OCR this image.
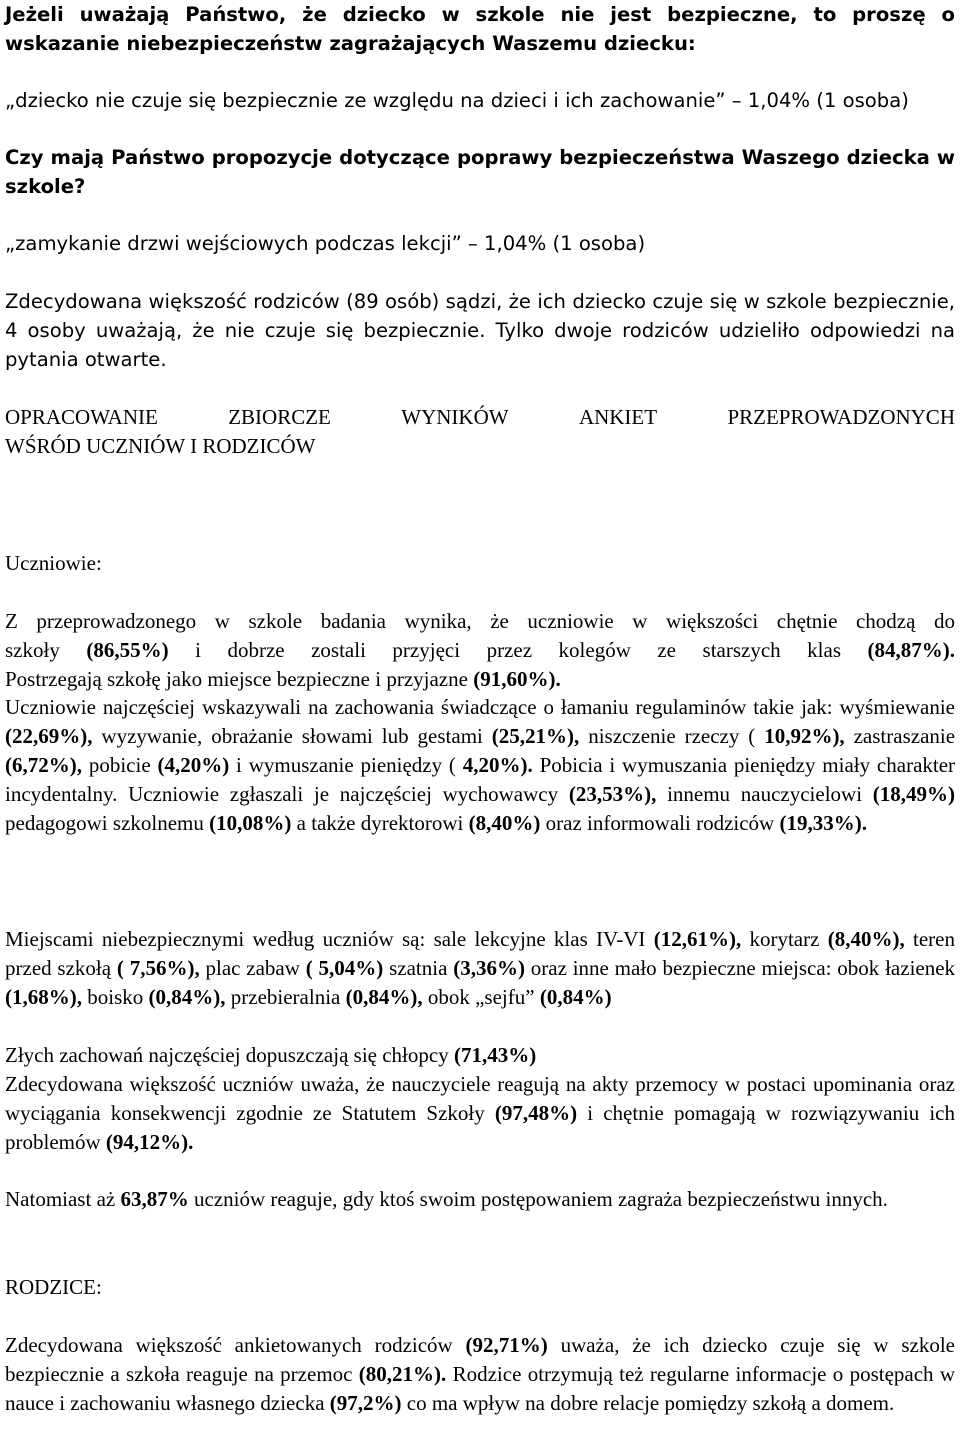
Jeżeli uważają Państwo, że dziecko w szkole nie jest bezpieczne, to proszę o wskazanie niebezpieczeństw zagrażających Waszemu dziecku:

„dziecko nie czuje się bezpiecznie ze względu na dzieci i ich zachowanie” – 1,04% (1 osoba)

Czy mają Państwo propozycje dotyczące poprawy bezpieczeństwa Waszego dziecka w szkole?

„zamykanie drzwi wejściowych podczas lekcji” – 1,04% (1 osoba)

Zdecydowana większość rodziców (89 osób) sądzi, że ich dziecko czuje się w szkole bezpiecznie, 4 osoby uważają, że nie czuje się bezpiecznie. Tylko dwoje rodziców udzieliło odpowiedzi na pytania otwarte.

OPRACOWANIE	ZBIORCZE	WYNIKÓW	ANKIET	PRZEPROWADZONYCH
WŚRÓD UCZNIÓW I RODZICÓW

Uczniowie:

Z przeprowadzonego w szkole badania wynika, że uczniowie w większości chętnie chodzą do
szkoły (86,55%) i dobrze zostali przyjęci przez kolegów ze starszych klas (84,87%).
Postrzegają szkołę jako miejsce bezpieczne i przyjazne (91,60%).

Uczniowie najczęściej wskazywali na zachowania świadczące o łamaniu regulaminów takie jak: wyśmiewanie (22,69%), wyzywanie, obrażanie słowami lub gestami (25,21%), niszczenie rzeczy ( 10,92%), zastraszanie (6,72%), pobicie (4,20%) i wymuszanie pieniędzy ( 4,20%). Pobicia i wymuszania pieniędzy miały charakter incydentalny. Uczniowie zgłaszali je najczęściej wychowawcy (23,53%), innemu nauczycielowi (18,49%) pedagogowi szkolnemu (10,08%) a także dyrektorowi (8,40%) oraz informowali rodziców (19,33%).

Miejscami niebezpiecznymi według uczniów są: sale lekcyjne klas IV-VI (12,61%), korytarz (8,40%), teren przed szkołą ( 7,56%), plac zabaw ( 5,04%) szatnia (3,36%) oraz inne mało bezpieczne miejsca: obok łazienek (1,68%), boisko (0,84%), przebieralnia (0,84%), obok „sejfu” (0,84%)

Złych zachowań najczęściej dopuszczają się chłopcy (71,43%)

Zdecydowana większość uczniów uważa, że nauczyciele reagują na akty przemocy w postaci upominania oraz wyciągania konsekwencji zgodnie ze Statutem Szkoły (97,48%) i chętnie pomagają w rozwiązywaniu ich problemów (94,12%).

Natomiast aż 63,87% uczniów reaguje, gdy ktoś swoim postępowaniem zagraża bezpieczeństwu innych.

RODZICE:

Zdecydowana większość ankietowanych rodziców (92,71%) uważa, że ich dziecko czuje się w szkole bezpiecznie a szkoła reaguje na przemoc (80,21%). Rodzice otrzymują też regularne informacje o postępach w nauce i zachowaniu własnego dziecka (97,2%) co ma wpływ na dobre relacje pomiędzy szkołą a domem.
